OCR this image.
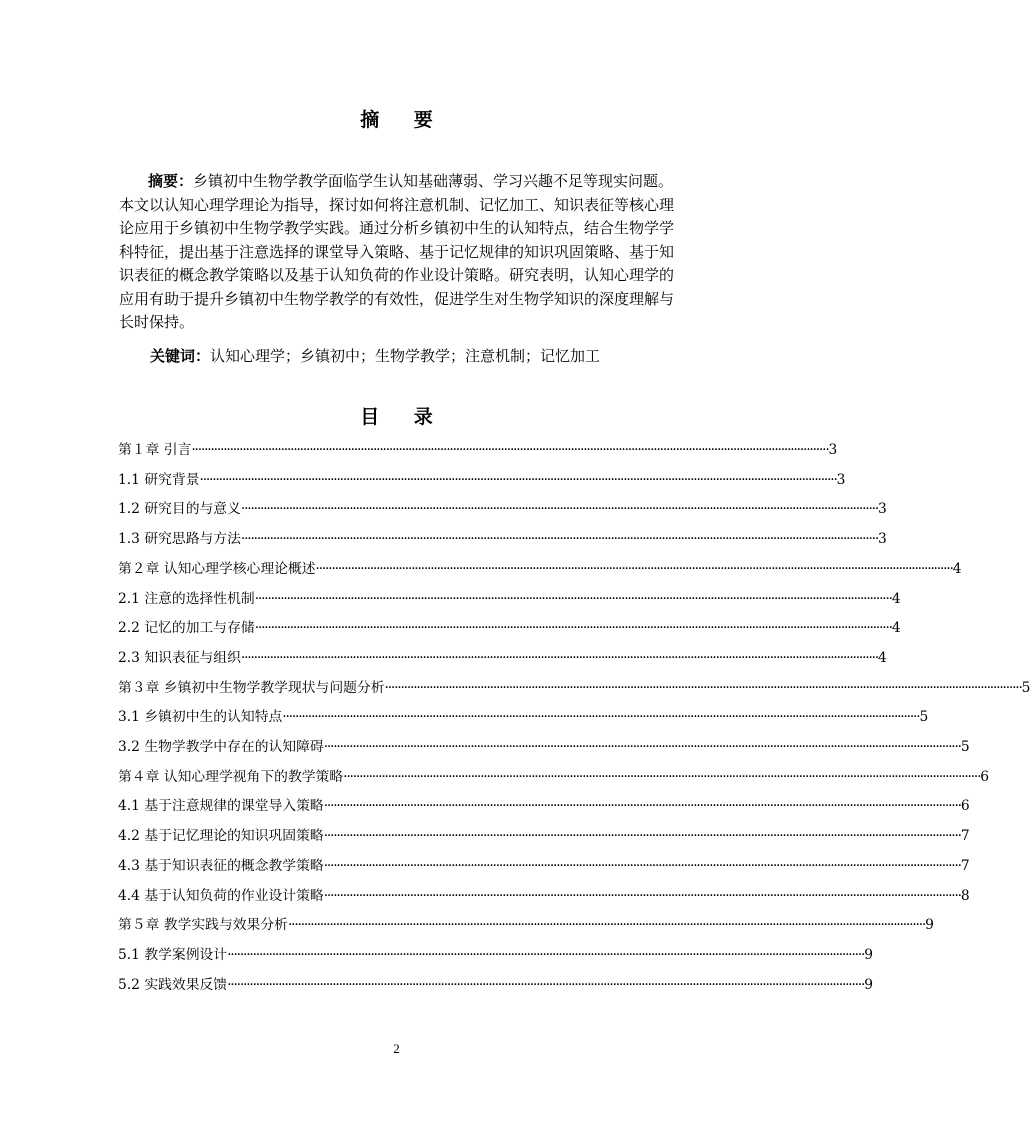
摘 要

摘要：乡镇初中生物学教学面临学生认知基础薄弱、学习兴趣不足等现实问题。本文以认知心理学理论为指导，探讨如何将注意机制、记忆加工、知识表征等核心理论应用于乡镇初中生物学教学实践。通过分析乡镇初中生的认知特点，结合生物学学科特征，提出基于注意选择的课堂导入策略、基于记忆规律的知识巩固策略、基于知识表征的概念教学策略以及基于认知负荷的作业设计策略。研究表明，认知心理学的应用有助于提升乡镇初中生物学教学的有效性，促进学生对生物学知识的深度理解与长时保持。

关键词：认知心理学；乡镇初中；生物学教学；注意机制；记忆加工
目 录
第１章 引言 ········································································································································································································ 3
1.1 研究背景 ········································································································································································································ 3
1.2 研究目的与意义 ········································································································································································································ 3
1.3 研究思路与方法 ········································································································································································································ 3
第２章 认知心理学核心理论概述 ········································································································································································································ 4
2.1 注意的选择性机制 ········································································································································································································ 4
2.2 记忆的加工与存储 ········································································································································································································ 4
2.3 知识表征与组织 ········································································································································································································ 4
第３章 乡镇初中生物学教学现状与问题分析 ········································································································································································································ 5
3.1 乡镇初中生的认知特点 ········································································································································································································ 5
3.2 生物学教学中存在的认知障碍 ········································································································································································································ 5
第４章 认知心理学视角下的教学策略 ········································································································································································································ 6
4.1 基于注意规律的课堂导入策略 ········································································································································································································ 6
4.2 基于记忆理论的知识巩固策略 ········································································································································································································ 7
4.3 基于知识表征的概念教学策略 ········································································································································································································ 7
4.4 基于认知负荷的作业设计策略 ········································································································································································································ 8
第５章 教学实践与效果分析 ········································································································································································································ 9
5.1 教学案例设计 ········································································································································································································ 9
5.2 实践效果反馈 ········································································································································································································ 9
2
